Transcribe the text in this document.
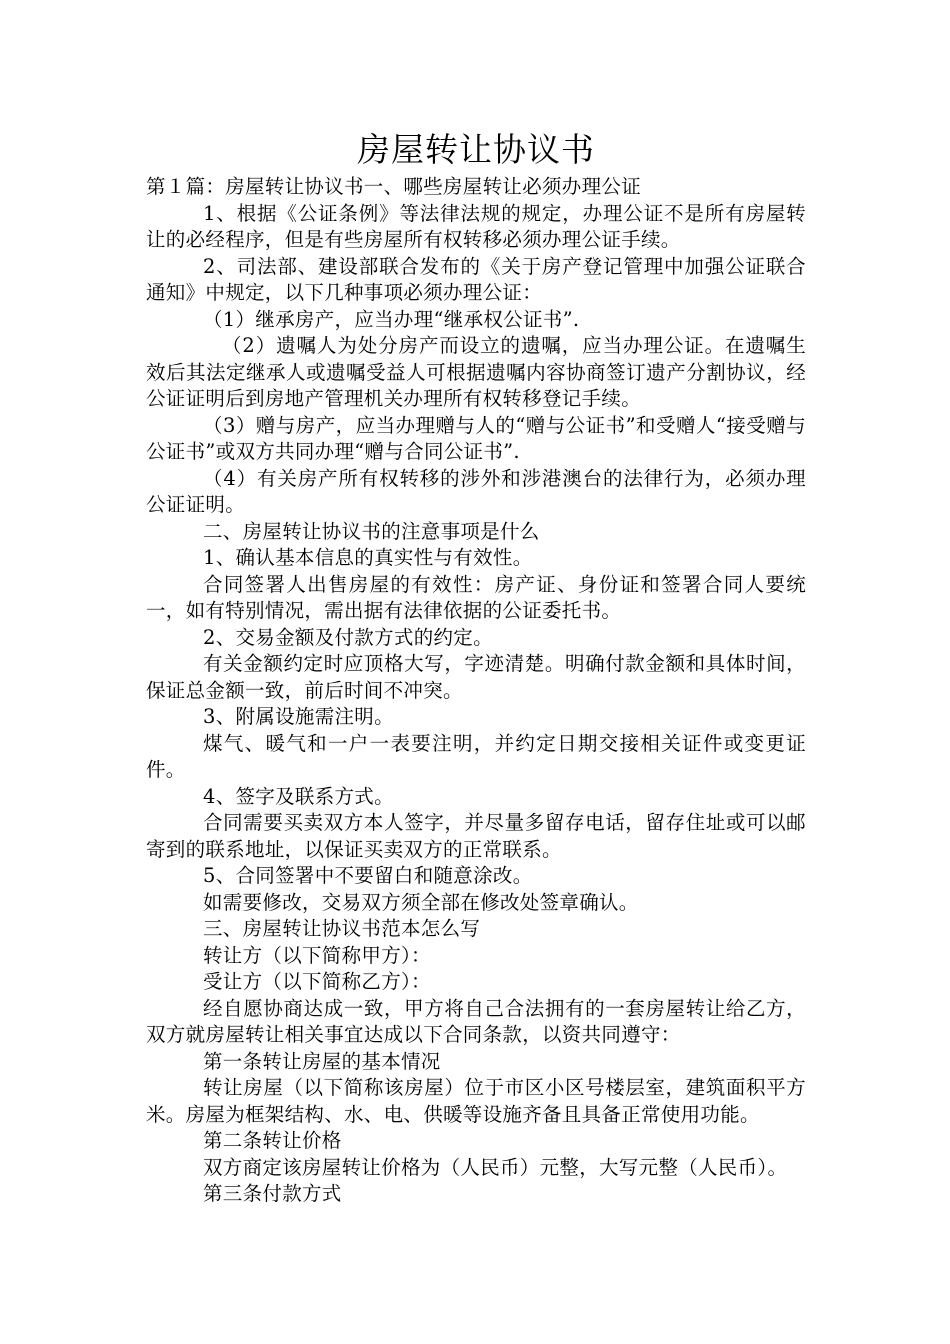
房屋转让协议书

第１篇：房屋转让协议书一、哪些房屋转让必须办理公证

1、根据《公证条例》等法律法规的规定，办理公证不是所有房屋转让的必经程序，但是有些房屋所有权转移必须办理公证手续。

2、司法部、建设部联合发布的《关于房产登记管理中加强公证联合通知》中规定，以下几种事项必须办理公证：

（1）继承房产，应当办理“继承权公证书”.

（2）遗嘱人为处分房产而设立的遗嘱，应当办理公证。在遗嘱生效后其法定继承人或遗嘱受益人可根据遗嘱内容协商签订遗产分割协议，经公证证明后到房地产管理机关办理所有权转移登记手续。

（3）赠与房产，应当办理赠与人的“赠与公证书”和受赠人“接受赠与公证书”或双方共同办理“赠与合同公证书”.

（4）有关房产所有权转移的涉外和涉港澳台的法律行为，必须办理公证证明。

二、房屋转让协议书的注意事项是什么

1、确认基本信息的真实性与有效性。

合同签署人出售房屋的有效性：房产证、身份证和签署合同人要统一，如有特别情况，需出据有法律依据的公证委托书。

2、交易金额及付款方式的约定。

有关金额约定时应顶格大写，字迹清楚。明确付款金额和具体时间，保证总金额一致，前后时间不冲突。

3、附属设施需注明。

煤气、暖气和一户一表要注明，并约定日期交接相关证件或变更证件。

4、签字及联系方式。

合同需要买卖双方本人签字，并尽量多留存电话，留存住址或可以邮寄到的联系地址，以保证买卖双方的正常联系。

5、合同签署中不要留白和随意涂改。

如需要修改，交易双方须全部在修改处签章确认。

三、房屋转让协议书范本怎么写

转让方（以下简称甲方）：

受让方（以下简称乙方）：

经自愿协商达成一致，甲方将自己合法拥有的一套房屋转让给乙方，双方就房屋转让相关事宜达成以下合同条款，以资共同遵守：

第一条转让房屋的基本情况

转让房屋（以下简称该房屋）位于市区小区号楼层室，建筑面积平方米。房屋为框架结构、水、电、供暖等设施齐备且具备正常使用功能。

第二条转让价格

双方商定该房屋转让价格为（人民币）元整，大写元整（人民币）。

第三条付款方式
